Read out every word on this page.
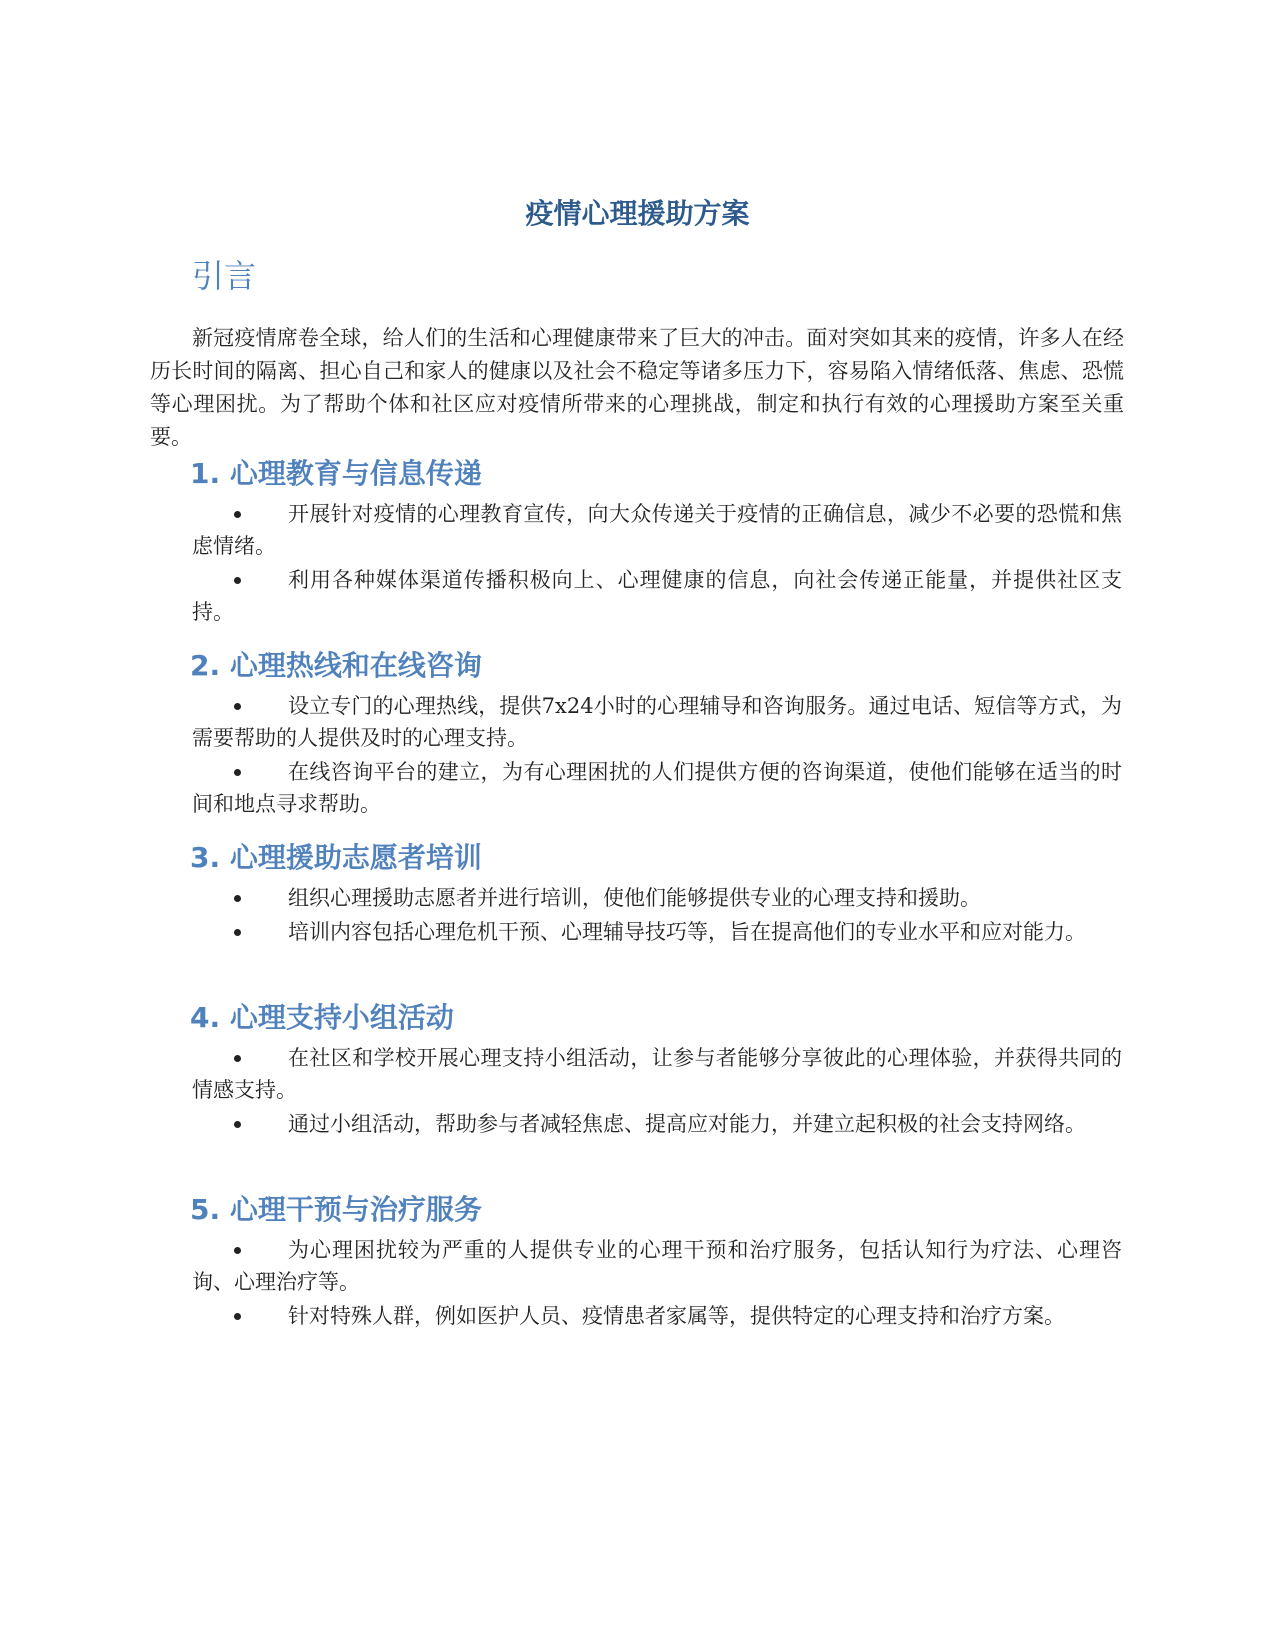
疫情心理援助方案
引言

新冠疫情席卷全球，给人们的生活和心理健康带来了巨大的冲击。面对突如其来的疫情，许多人在经历长时间的隔离、担心自己和家人的健康以及社会不稳定等诸多压力下，容易陷入情绪低落、焦虑、恐慌等心理困扰。为了帮助个体和社区应对疫情所带来的心理挑战，制定和执行有效的心理援助方案至关重要。

1. 心理教育与信息传递
开展针对疫情的心理教育宣传，向大众传递关于疫情的正确信息，减少不必要的恐慌和焦虑情绪。
利用各种媒体渠道传播积极向上、心理健康的信息，向社会传递正能量，并提供社区支持。
2. 心理热线和在线咨询
设立专门的心理热线，提供7x24小时的心理辅导和咨询服务。通过电话、短信等方式，为需要帮助的人提供及时的心理支持。
在线咨询平台的建立，为有心理困扰的人们提供方便的咨询渠道，使他们能够在适当的时间和地点寻求帮助。
3. 心理援助志愿者培训
组织心理援助志愿者并进行培训，使他们能够提供专业的心理支持和援助。
培训内容包括心理危机干预、心理辅导技巧等，旨在提高他们的专业水平和应对能力。
4. 心理支持小组活动
在社区和学校开展心理支持小组活动，让参与者能够分享彼此的心理体验，并获得共同的情感支持。
通过小组活动，帮助参与者减轻焦虑、提高应对能力，并建立起积极的社会支持网络。
5. 心理干预与治疗服务
为心理困扰较为严重的人提供专业的心理干预和治疗服务，包括认知行为疗法、心理咨询、心理治疗等。
针对特殊人群，例如医护人员、疫情患者家属等，提供特定的心理支持和治疗方案。
